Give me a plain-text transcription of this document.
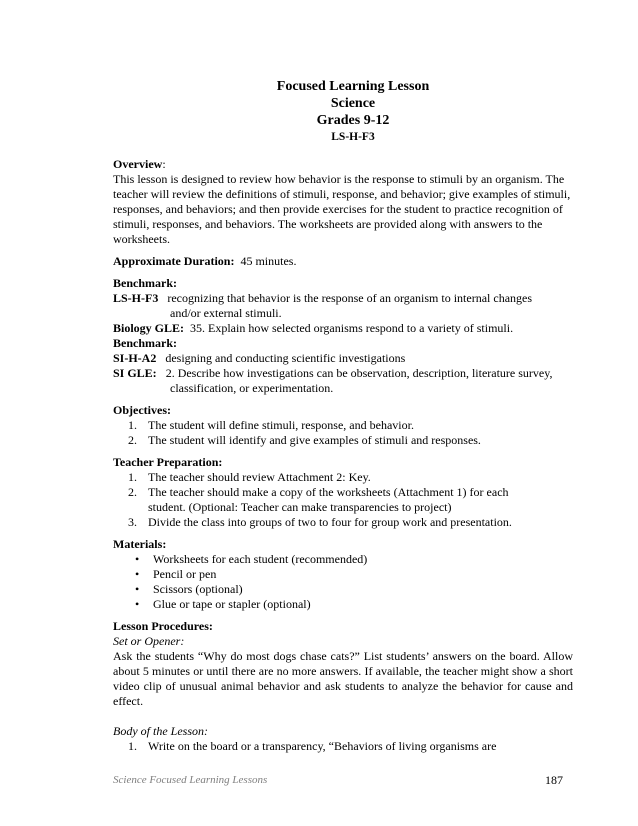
Focused Learning Lesson
Science
Grades 9-12
LS-H-F3

Overview:

This lesson is designed to review how behavior is the response to stimuli by an organism. The teacher will review the definitions of stimuli, response, and behavior; give examples of stimuli, responses, and behaviors; and then provide exercises for the student to practice recognition of stimuli, responses, and behaviors. The worksheets are provided along with answers to the worksheets.

Approximate Duration: 45 minutes.

Benchmark:

LS-H-F3 recognizing that behavior is the response of an organism to internal changes

and/or external stimuli.

Biology GLE: 35. Explain how selected organisms respond to a variety of stimuli.

Benchmark:

SI-H-A2 designing and conducting scientific investigations

SI GLE: 2. Describe how investigations can be observation, description, literature survey,

classification, or experimentation.

Objectives:

1. The student will define stimuli, response, and behavior.
2. The student will identify and give examples of stimuli and responses.

Teacher Preparation:

1. The teacher should review Attachment 2: Key.
2. The teacher should make a copy of the worksheets (Attachment 1) for each student. (Optional: Teacher can make transparencies to project)
3. Divide the class into groups of two to four for group work and presentation.

Materials:

•	Worksheets for each student (recommended)
•	Pencil or pen
•	Scissors (optional)
•	Glue or tape or stapler (optional)

Lesson Procedures:

Set or Opener:

Ask the students “Why do most dogs chase cats?” List students’ answers on the board. Allow about 5 minutes or until there are no more answers. If available, the teacher might show a short video clip of unusual animal behavior and ask students to analyze the behavior for cause and effect.

Body of the Lesson:

1. Write on the board or a transparency, “Behaviors of living organisms are
Science Focused Learning Lessons	187
